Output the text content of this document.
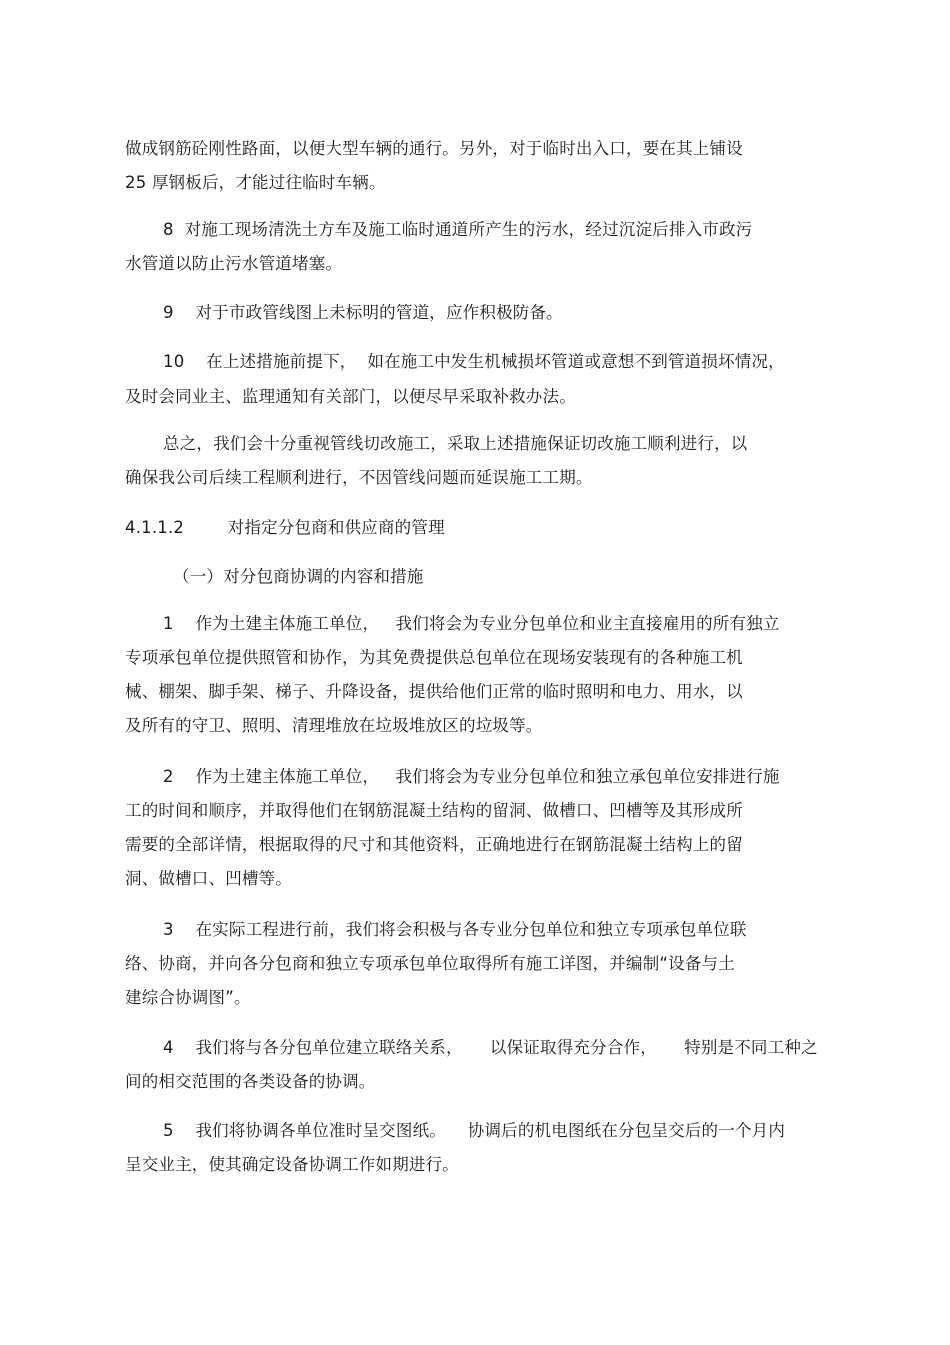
做成钢筋砼刚性路面，以便大型车辆的通行。另外，对于临时出入口，要在其上铺设
25 厚钢板后，才能过往临时车辆。
8  对施工现场清洗土方车及施工临时通道所产生的污水，经过沉淀后排入市政污
水管道以防止污水管道堵塞。
9    对于市政管线图上未标明的管道，应作积极防备。
10    在上述措施前提下，  如在施工中发生机械损坏管道或意想不到管道损坏情况，
及时会同业主、监理通知有关部门，以便尽早采取补救办法。
总之，我们会十分重视管线切改施工，采取上述措施保证切改施工顺利进行，以
确保我公司后续工程顺利进行，不因管线问题而延误施工工期。
4.1.1.2        对指定分包商和供应商的管理
（一）对分包商协调的内容和措施
1    作为土建主体施工单位，   我们将会为专业分包单位和业主直接雇用的所有独立
专项承包单位提供照管和协作，为其免费提供总包单位在现场安装现有的各种施工机
械、棚架、脚手架、梯子、升降设备，提供给他们正常的临时照明和电力、用水，以
及所有的守卫、照明、清理堆放在垃圾堆放区的垃圾等。
2    作为土建主体施工单位，   我们将会为专业分包单位和独立承包单位安排进行施
工的时间和顺序，并取得他们在钢筋混凝土结构的留洞、做槽口、凹槽等及其形成所
需要的全部详情，根据取得的尺寸和其他资料，正确地进行在钢筋混凝土结构上的留
洞、做槽口、凹槽等。
3    在实际工程进行前，我们将会积极与各专业分包单位和独立专项承包单位联
络、协商，并向各分包商和独立专项承包单位取得所有施工详图，并编制“设备与土
建综合协调图”。
4    我们将与各分包单位建立联络关系，     以保证取得充分合作，     特别是不同工种之
间的相交范围的各类设备的协调。
5    我们将协调各单位准时呈交图纸。    协调后的机电图纸在分包呈交后的一个月内
呈交业主，使其确定设备协调工作如期进行。
